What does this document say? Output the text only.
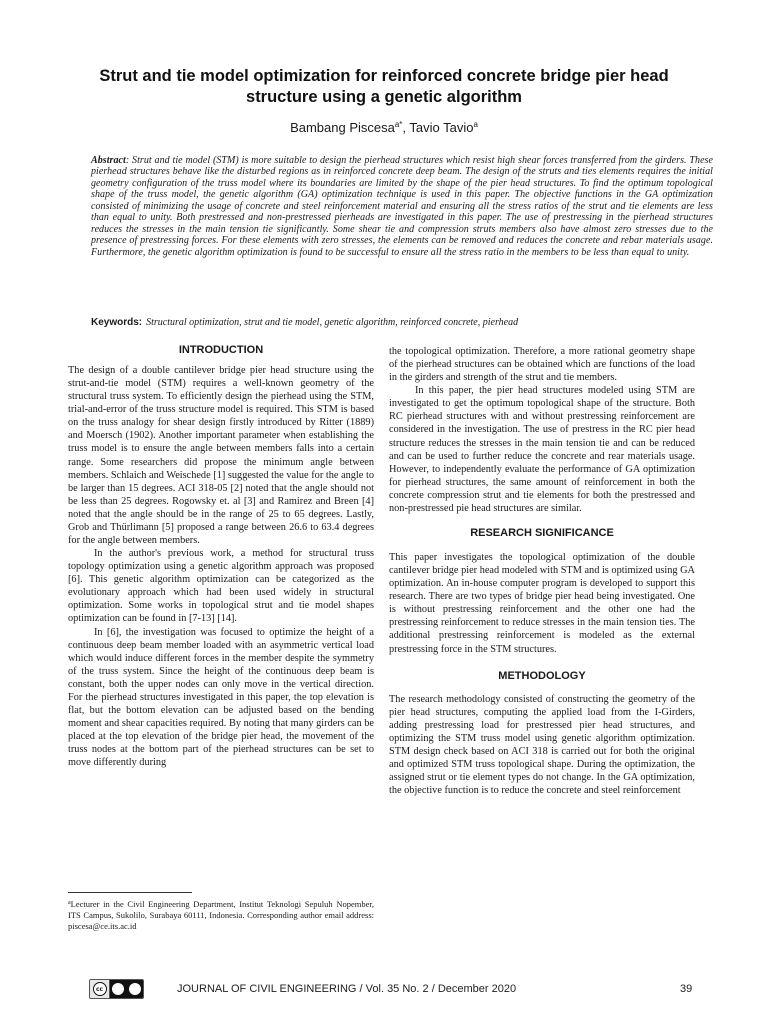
Strut and tie model optimization for reinforced concrete bridge pier head structure using a genetic algorithm
Bambang Piscesa$^{a*}$, Tavio Tavio$^a$
Abstract: Strut and tie model (STM) is more suitable to design the pierhead structures which resist high shear forces transferred from the girders. These pierhead structures behave like the disturbed regions as in reinforced concrete deep beam. The design of the struts and ties elements requires the initial geometry configuration of the truss model where its boundaries are limited by the shape of the pier head structures. To find the optimum topological shape of the truss model, the genetic algorithm (GA) optimization technique is used in this paper. The objective functions in the GA optimization consisted of minimizing the usage of concrete and steel reinforcement material and ensuring all the stress ratios of the strut and tie elements are less than equal to unity. Both prestressed and non-prestressed pierheads are investigated in this paper. The use of prestressing in the pierhead structures reduces the stresses in the main tension tie significantly. Some shear tie and compression struts members also have almost zero stresses due to the presence of prestressing forces. For these elements with zero stresses, the elements can be removed and reduces the concrete and rebar materials usage. Furthermore, the genetic algorithm optimization is found to be successful to ensure all the stress ratio in the members to be less than equal to unity.
Keywords: Structural optimization, strut and tie model, genetic algorithm, reinforced concrete, pierhead
INTRODUCTION

The design of a double cantilever bridge pier head structure using the strut-and-tie model (STM) requires a well-known geometry of the structural truss system. To efficiently design the pierhead using the STM, trial-and-error of the truss structure model is required. This STM is based on the truss analogy for shear design firstly introduced by Ritter (1889) and Moersch (1902). Another important parameter when establishing the truss model is to ensure the angle between members falls into a certain range. Some researchers did propose the minimum angle between members. Schlaich and Weischede [1] suggested the value for the angle to be larger than 15 degrees. ACI 318-05 [2] noted that the angle should not be less than 25 degrees. Rogowsky et. al [3] and Ramirez and Breen [4] noted that the angle should be in the range of 25 to 65 degrees. Lastly, Grob and Thürlimann [5] proposed a range between 26.6 to 63.4 degrees for the angle between members.

In the author's previous work, a method for structural truss topology optimization using a genetic algorithm approach was proposed [6]. This genetic algorithm optimization can be categorized as the evolutionary approach which had been used widely in structural optimization. Some works in topological strut and tie model shapes optimization can be found in [7-13] [14].

In [6], the investigation was focused to optimize the height of a continuous deep beam member loaded with an asymmetric vertical load which would induce different forces in the member despite the symmetry of the truss system. Since the height of the continuous deep beam is constant, both the upper nodes can only move in the vertical direction. For the pierhead structures investigated in this paper, the top elevation is flat, but the bottom elevation can be adjusted based on the bending moment and shear capacities required. By noting that many girders can be placed at the top elevation of the bridge pier head, the movement of the truss nodes at the bottom part of the pierhead structures can be set to move differently during

the topological optimization. Therefore, a more rational geometry shape of the pierhead structures can be obtained which are functions of the load in the girders and strength of the strut and tie members.

In this paper, the pier head structures modeled using STM are investigated to get the optimum topological shape of the structure. Both RC pierhead structures with and without prestressing reinforcement are considered in the investigation. The use of prestress in the RC pier head structure reduces the stresses in the main tension tie and can be reduced and can be used to further reduce the concrete and rear materials usage. However, to independently evaluate the performance of GA optimization for pierhead structures, the same amount of reinforcement in both the concrete compression strut and tie elements for both the prestressed and non-prestressed pie head structures are similar.

RESEARCH SIGNIFICANCE

This paper investigates the topological optimization of the double cantilever bridge pier head modeled with STM and is optimized using GA optimization. An in-house computer program is developed to support this research. There are two types of bridge pier head being investigated. One is without prestressing reinforcement and the other one had the prestressing reinforcement to reduce stresses in the main tension ties. The additional prestressing reinforcement is modeled as the external prestressing force in the STM structures.

METHODOLOGY

The research methodology consisted of constructing the geometry of the pier head structures, computing the applied load from the I-Girders, adding prestressing load for prestressed pier head structures, and optimizing the STM truss model using genetic algorithm optimization. STM design check based on ACI 318 is carried out for both the original and optimized STM truss topological shape. During the optimization, the assigned strut or tie element types do not change. In the GA optimization, the objective function is to reduce the concrete and steel reinforcement

$^a$Lecturer in the Civil Engineering Department, Institut Teknologi Sepuluh Nopember, ITS Campus, Sukolilo, Surabaya 60111, Indonesia. Corresponding author email address: piscesa@ce.its.ac.id
cc	JOURNAL OF CIVIL ENGINEERING / Vol. 35 No. 2 / December 2020	39
